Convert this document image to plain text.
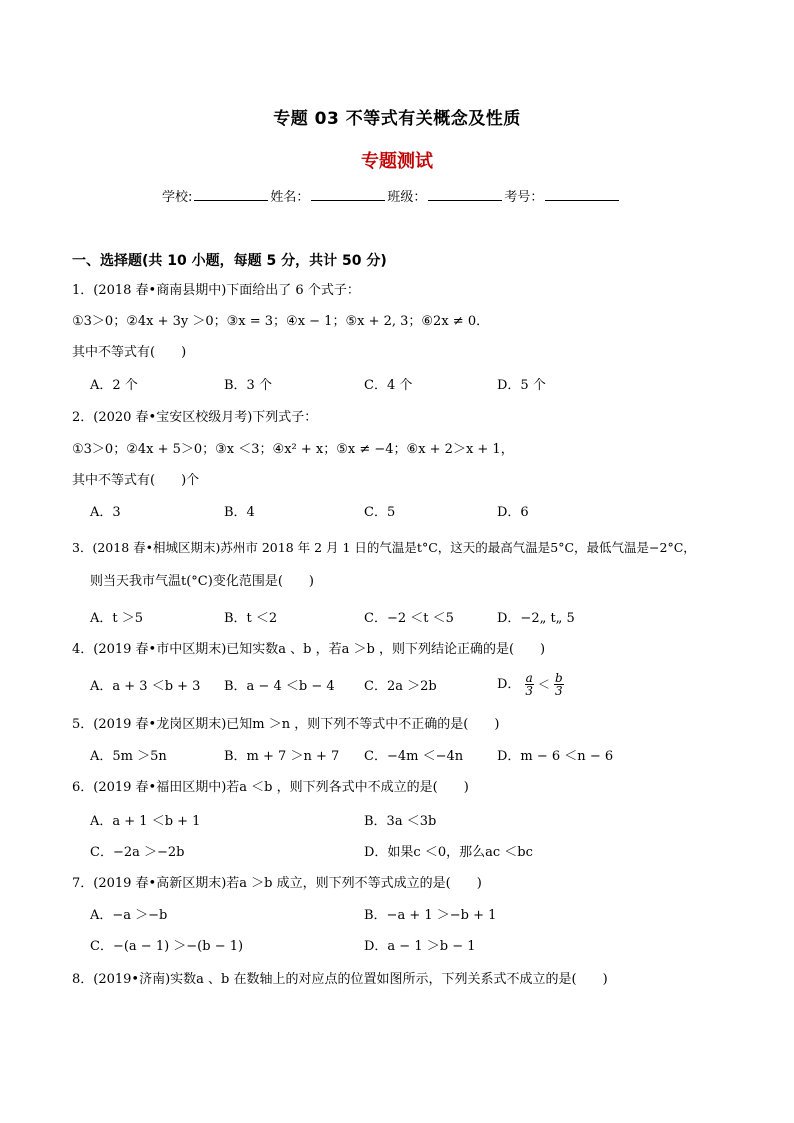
专题 03 不等式有关概念及性质
专题测试
学校:	姓名：	班级：	考号：
一、选择题(共 10 小题，每题 5 分，共计 50 分)
1．(2018 春•商南县期中)下面给出了 6 个式子：
①3＞0；②4x + 3y ＞0；③x = 3；④x − 1；⑤x + 2, 3；⑥2x ≠ 0．
其中不等式有(　　)
A．2 个	B．3 个	C．4 个	D．5 个
2．(2020 春•宝安区校级月考)下列式子：
①3＞0；②4x + 5＞0；③x ＜3；④x² + x；⑤x ≠ −4；⑥x + 2＞x + 1，
其中不等式有(　　)个
A．3	B．4	C．5	D．6
3．(2018 春•相城区期末)苏州市 2018 年 2 月 1 日的气温是t°C，这天的最高气温是5°C，最低气温是−2°C，
则当天我市气温t(°C)变化范围是(　　)
A．t ＞5	B．t ＜2	C．−2 ＜t ＜5	D．−2„ t„ 5
4．(2019 春•市中区期末)已知实数a 、b ，若a ＞b ，则下列结论正确的是(　　)
A．a + 3 ＜b + 3 B．a − 4 ＜b − 4 C．2a ＞2b	D． $\frac{a}{3} < \frac{b}{3}$
5．(2019 春•龙岗区期末)已知m ＞n ，则下列不等式中不正确的是(　　)
A．5m ＞5n	B．m + 7 ＞n + 7 C．−4m ＜−4n	D．m − 6 ＜n − 6
6．(2019 春•福田区期中)若a ＜b ，则下列各式中不成立的是(　　)
A．a + 1 ＜b + 1	B．3a ＜3b
C．−2a ＞−2b	D．如果c ＜0，那么ac ＜bc
7．(2019 春•高新区期末)若a ＞b 成立，则下列不等式成立的是(　　)
A．−a ＞−b	B．−a + 1 ＞−b + 1
C．−(a − 1) ＞−(b − 1)	D．a − 1 ＞b − 1
8．(2019•济南)实数a 、b 在数轴上的对应点的位置如图所示，下列关系式不成立的是(　　)
